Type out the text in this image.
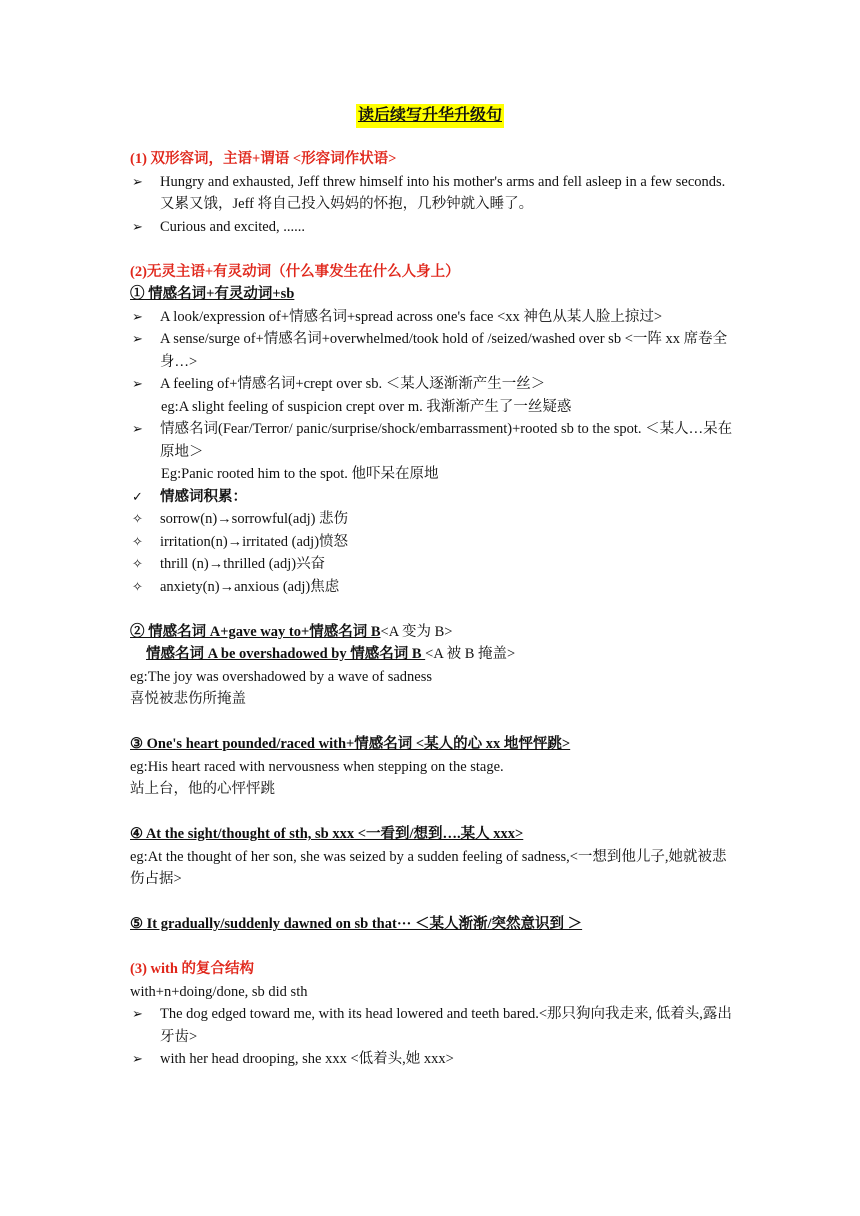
读后续写升华升级句
(1) 双形容词，主语+谓语 <形容词作状语>
➢	Hungry and exhausted, Jeff threw himself into his mother's arms and fell asleep in a few seconds. 又累又饿，Jeff 将自己投入妈妈的怀抱，几秒钟就入睡了。
➢	Curious and excited, ......
(2)无灵主语+有灵动词（什么事发生在什么人身上）
① 情感名词+有灵动词+sb
➢	A look/expression of+情感名词+spread across one's face <xx 神色从某人脸上掠过>
➢	A sense/surge of+情感名词+overwhelmed/took hold of /seized/washed over sb <一阵 xx 席卷全身…>
➢	A feeling of+情感名词+crept over sb. ＜某人逐渐渐产生一丝＞
eg:A slight feeling of suspicion crept over m. 我渐渐产生了一丝疑惑
➢	情感名词(Fear/Terror/ panic/surprise/shock/embarrassment)+rooted sb to the spot. ＜某人…呆在原地＞
Eg:Panic rooted him to the spot. 他吓呆在原地
✓	情感词积累：
✧	sorrow(n)→sorrowful(adj) 悲伤
✧	irritation(n)→irritated (adj)愤怒
✧	thrill (n)→thrilled (adj)兴奋
✧	anxiety(n)→anxious (adj)焦虑
② 情感名词 A+gave way to+情感名词 B<A 变为 B>
情感名词 A be overshadowed by 情感名词 B <A 被 B 掩盖>
eg:The joy was overshadowed by a wave of sadness
喜悦被悲伤所掩盖
③ One's heart pounded/raced with+情感名词 <某人的心 xx 地怦怦跳>
eg:His heart raced with nervousness when stepping on the stage.
站上台，他的心怦怦跳
④ At the sight/thought of sth, sb xxx <一看到/想到….某人 xxx>
eg:At the thought of her son, she was seized by a sudden feeling of sadness,<一想到他儿子,她就被悲伤占据>
⑤ It gradually/suddenly dawned on sb that··· ＜某人渐渐/突然意识到 ＞
(3) with 的复合结构
with+n+doing/done, sb did sth
➢	The dog edged toward me, with its head lowered and teeth bared.<那只狗向我走来, 低着头,露出牙齿>
➢	with her head drooping, she xxx <低着头,她 xxx>
